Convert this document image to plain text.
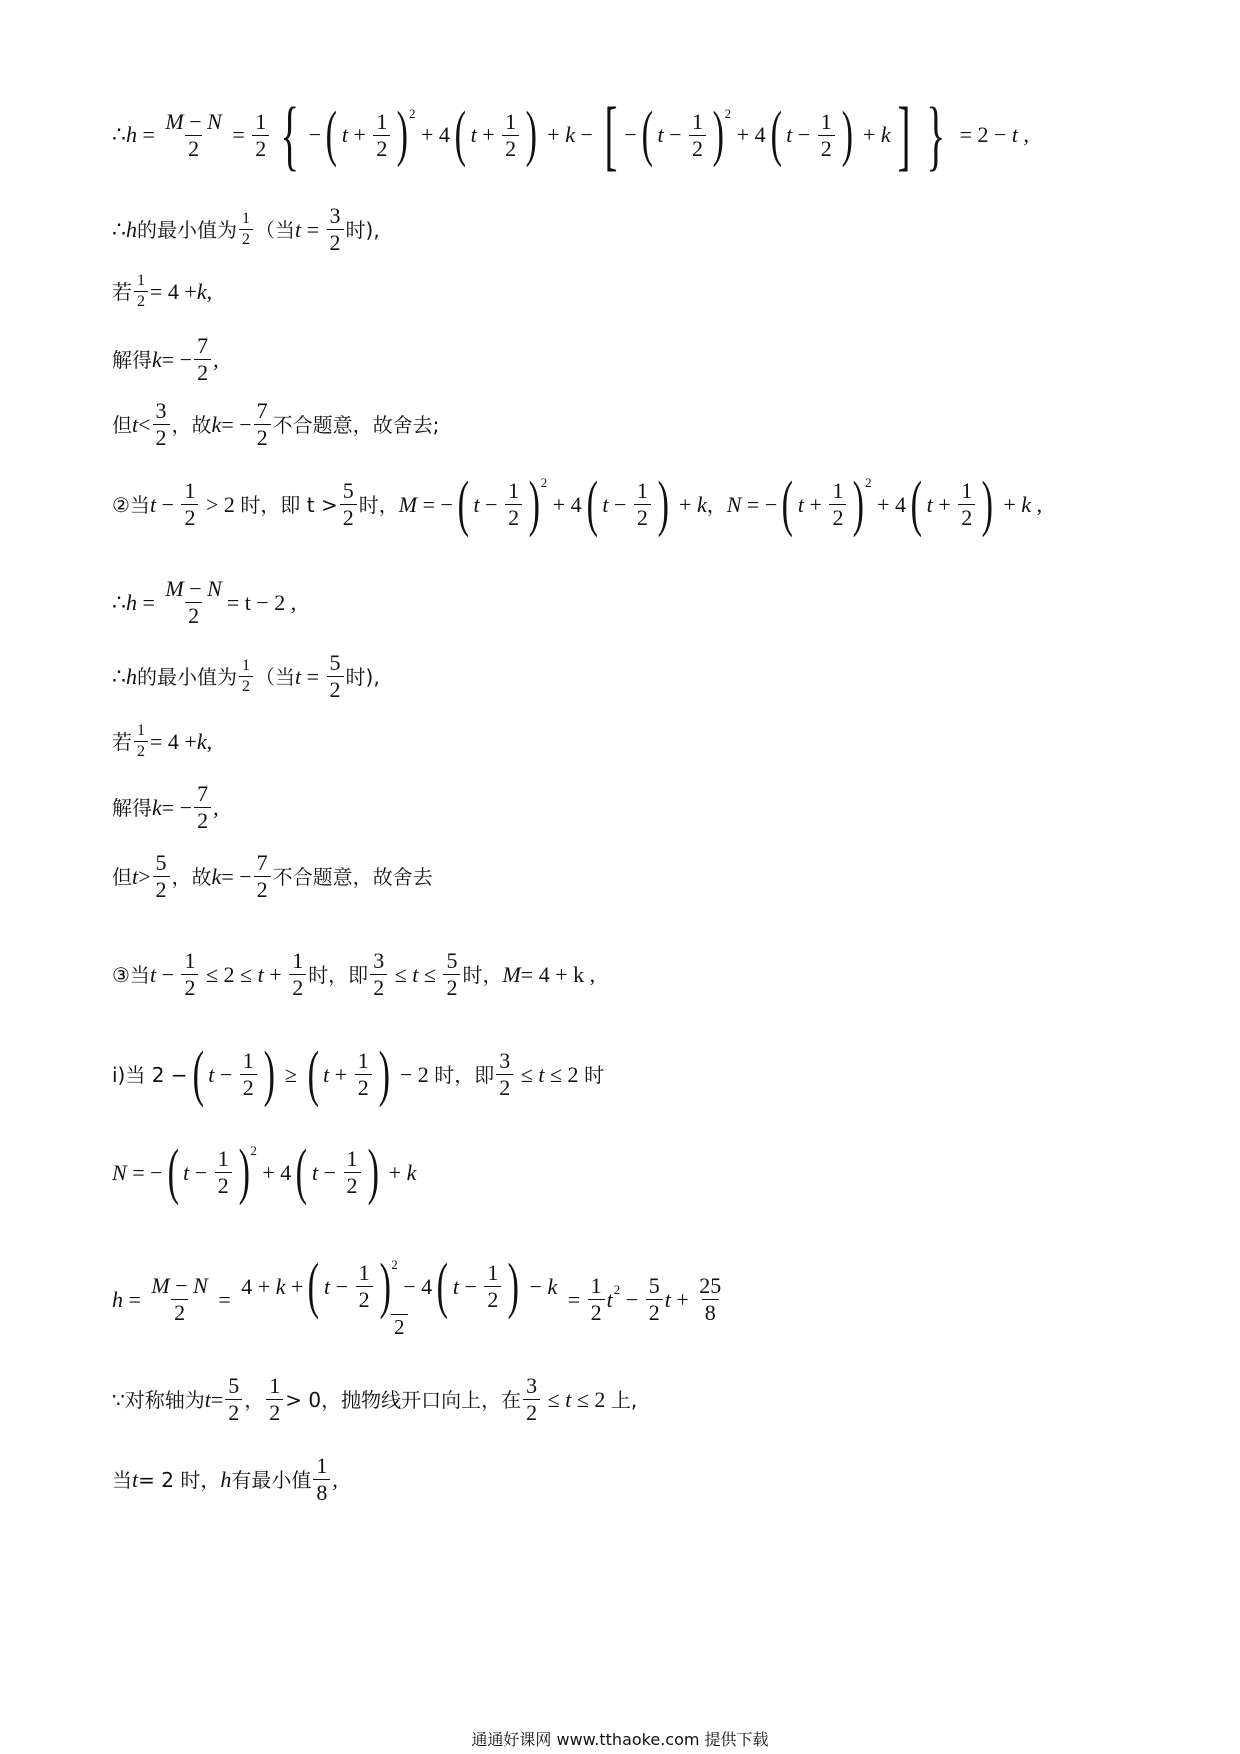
∴ $h = \frac{M - N}{2} = \frac{1}{2}$ { − ( $t + \frac{1}{2}$ ) 2
+ 4 ( $t + \frac{1}{2}$ ) + k − [ − ( $t - \frac{1}{2}$ ) 2
+ 4 ( $t - \frac{1}{2}$ ) + k ] } = 2 − t ,
∴ h 的最小值为 $\frac{1}{2}$ （当 $t = \frac{3}{2}$ 时),
若 $\frac{1}{2} = 4 + k$ ,
解得 k = − $\frac{7}{2}$ ,
但 $t < \frac{3}{2}$ ，故 k = − $\frac{7}{2}$ 不合题意，故舍去;
②当 $t - \frac{1}{2} > 2$ 时，即 $t > \frac{5}{2}$ 时， M = − ( $t - \frac{1}{2}$ ) 2
+ 4 ( $t - \frac{1}{2}$ ) + k ， N = − ( $t + \frac{1}{2}$ ) 2
+ 4 ( $t + \frac{1}{2}$ ) + k ,
∴ $h = \frac{M - N}{2} = t - 2$ ,
∴ h 的最小值为 $\frac{1}{2}$ （当 $t = \frac{5}{2}$ 时),
若 $\frac{1}{2} = 4 + k$ ,
解得 k = − $\frac{7}{2}$ ,
但 $t > \frac{5}{2}$ ，故 k = − $\frac{7}{2}$ 不合题意，故舍去
③当 $t - \frac{1}{2} \le 2 \le t + \frac{1}{2}$ 时，即 $\frac{3}{2} \le t \le \frac{5}{2}$ 时， M = 4 + k ,
i)当 2 − ( $t - \frac{1}{2}$ ) ≥ ( $t + \frac{1}{2}$ ) − 2 时，即 $\frac{3}{2} \le t \le 2$ 时
N = − ( $t - \frac{1}{2}$ ) 2
+ 4 ( $t - \frac{1}{2}$ ) + k
$h = \frac{M - N}{2} = 4 + k$ + ( $t - \frac{1}{2}$ ) 2
− 4 ( $t - \frac{1}{2}$ ) − k
$2 = \frac{1}{2}$ t $2 - \frac{5}{2}$ $t + \frac{25}{8}$
∵对称轴为 $t = \frac{5}{2}$ ， $\frac{1}{2} > 0$，抛物线开口向上，在 $\frac{3}{2} \le t \le 2$ 上,
当 t = 2 时， h 有最小值 $\frac{1}{8}$ ,
通通好课网 www.tthaoke.com 提供下载
